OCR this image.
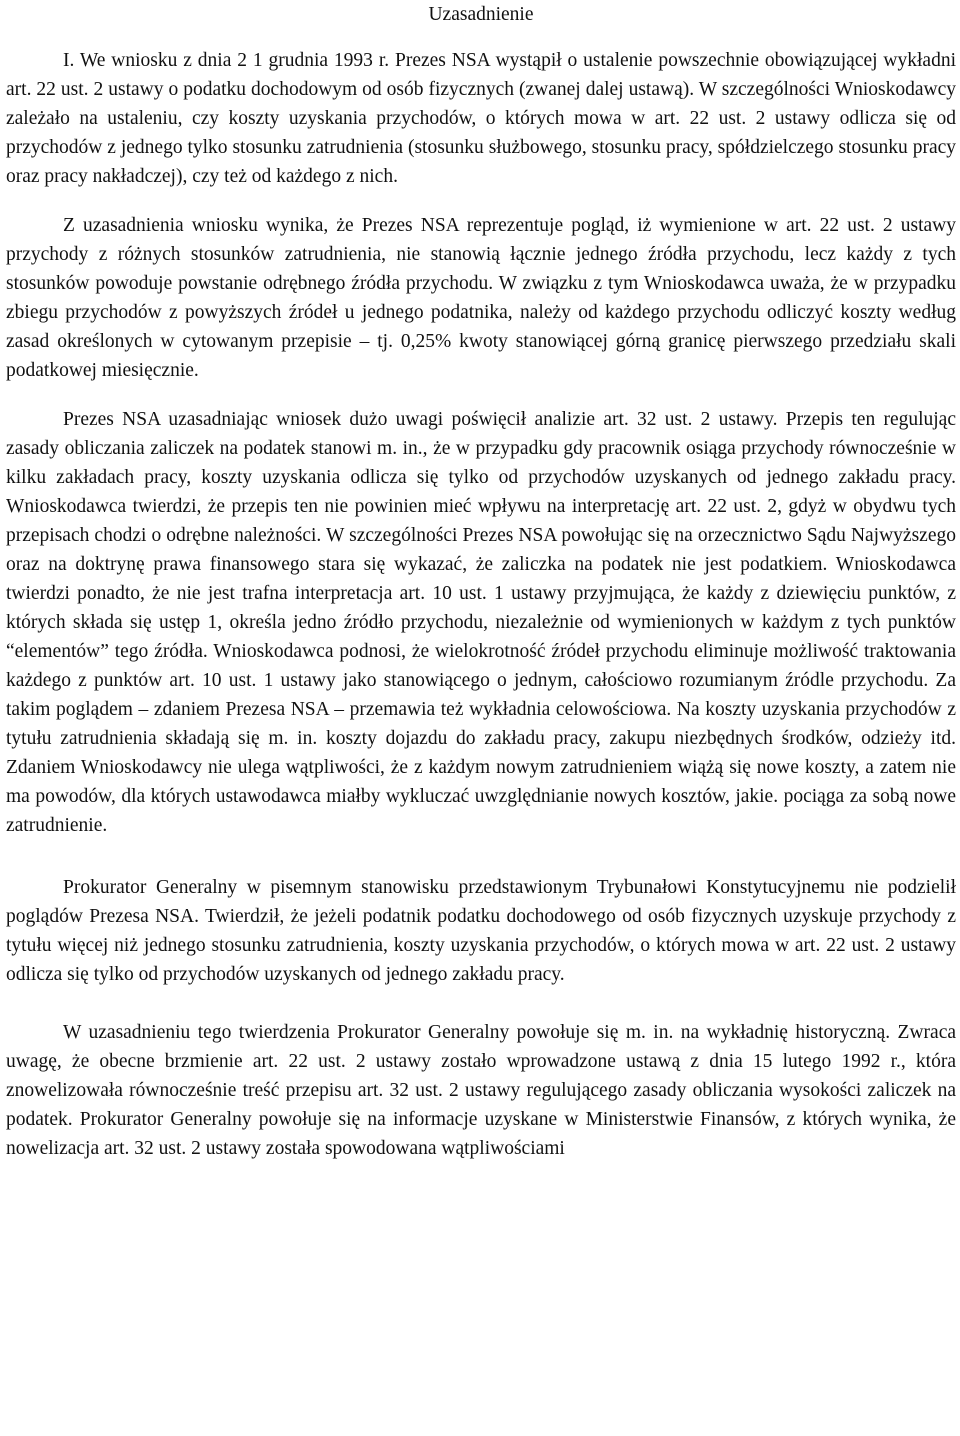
Uzasadnienie

I. We wniosku z dnia 2 1 grudnia 1993 r. Prezes NSA wystąpił o ustalenie powszechnie obowiązującej wykładni art. 22 ust. 2 ustawy o podatku dochodowym od osób fizycznych (zwanej dalej ustawą). W szczególności Wnioskodawcy zależało na ustaleniu, czy koszty uzyskania przychodów, o których mowa w art. 22 ust. 2 ustawy odlicza się od przychodów z jednego tylko stosunku zatrudnienia (stosunku służbowego, stosunku pracy, spółdzielczego stosunku pracy oraz pracy nakładczej), czy też od każdego z nich.

Z uzasadnienia wniosku wynika, że Prezes NSA reprezentuje pogląd, iż wymienione w art. 22 ust. 2 ustawy przychody z różnych stosunków zatrudnienia, nie stanowią łącznie jednego źródła przychodu, lecz każdy z tych stosunków powoduje powstanie odrębnego źródła przychodu. W związku z tym Wnioskodawca uważa, że w przypadku zbiegu przychodów z powyższych źródeł u jednego podatnika, należy od każdego przychodu odliczyć koszty według zasad określonych w cytowanym przepisie – tj. 0,25% kwoty stanowiącej górną granicę pierwszego przedziału skali podatkowej miesięcznie.

Prezes NSA uzasadniając wniosek dużo uwagi poświęcił analizie art. 32 ust. 2 ustawy. Przepis ten regulując zasady obliczania zaliczek na podatek stanowi m. in., że w przypadku gdy pracownik osiąga przychody równocześnie w kilku zakładach pracy, koszty uzyskania odlicza się tylko od przychodów uzyskanych od jednego zakładu pracy. Wnioskodawca twierdzi, że przepis ten nie powinien mieć wpływu na interpretację art. 22 ust. 2, gdyż w obydwu tych przepisach chodzi o odrębne należności. W szczególności Prezes NSA powołując się na orzecznictwo Sądu Najwyższego oraz na doktrynę prawa finansowego stara się wykazać, że zaliczka na podatek nie jest podatkiem. Wnioskodawca twierdzi ponadto, że nie jest trafna interpretacja art. 10 ust. 1 ustawy przyjmująca, że każdy z dziewięciu punktów, z których składa się ustęp 1, określa jedno źródło przychodu, niezależnie od wymienionych w każdym z tych punktów “elementów” tego źródła. Wnioskodawca podnosi, że wielokrotność źródeł przychodu eliminuje możliwość traktowania każdego z punktów art. 10 ust. 1 ustawy jako stanowiącego o jednym, całościowo rozumianym źródle przychodu. Za takim poglądem – zdaniem Prezesa NSA – przemawia też wykładnia celowościowa. Na koszty uzyskania przychodów z tytułu zatrudnienia składają się m. in. koszty dojazdu do zakładu pracy, zakupu niezbędnych środków, odzieży itd. Zdaniem Wnioskodawcy nie ulega wątpliwości, że z każdym nowym zatrudnieniem wiążą się nowe koszty, a zatem nie ma powodów, dla których ustawodawca miałby wykluczać uwzględnianie nowych kosztów, jakie. pociąga za sobą nowe zatrudnienie.

Prokurator Generalny w pisemnym stanowisku przedstawionym Trybunałowi Konstytucyjnemu nie podzielił poglądów Prezesa NSA. Twierdził, że jeżeli podatnik podatku dochodowego od osób fizycznych uzyskuje przychody z tytułu więcej niż jednego stosunku zatrudnienia, koszty uzyskania przychodów, o których mowa w art. 22 ust. 2 ustawy odlicza się tylko od przychodów uzyskanych od jednego zakładu pracy.

W uzasadnieniu tego twierdzenia Prokurator Generalny powołuje się m. in. na wykładnię historyczną. Zwraca uwagę, że obecne brzmienie art. 22 ust. 2 ustawy zostało wprowadzone ustawą z dnia 15 lutego 1992 r., która znowelizowała równocześnie treść przepisu art. 32 ust. 2 ustawy regulującego zasady obliczania wysokości zaliczek na podatek. Prokurator Generalny powołuje się na informacje uzyskane w Ministerstwie Finansów, z których wynika, że nowelizacja art. 32 ust. 2 ustawy została spowodowana wątpliwościami
